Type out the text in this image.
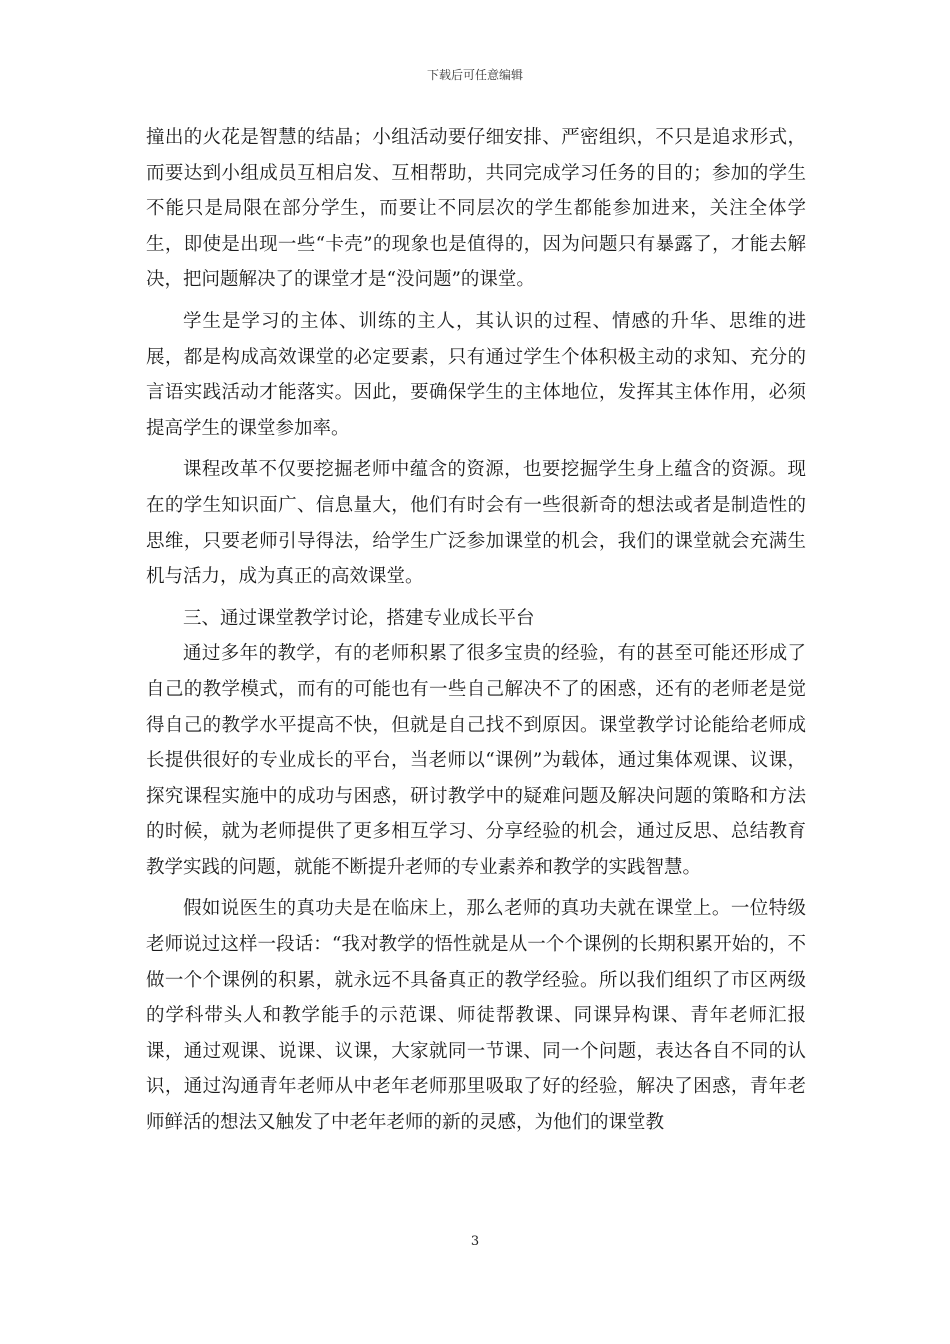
下载后可任意编辑

撞出的火花是智慧的结晶；小组活动要仔细安排、严密组织，不只是追求形式，而要达到小组成员互相启发、互相帮助，共同完成学习任务的目的；参加的学生不能只是局限在部分学生，而要让不同层次的学生都能参加进来，关注全体学生，即使是出现一些“卡壳”的现象也是值得的，因为问题只有暴露了，才能去解决，把问题解决了的课堂才是“没问题”的课堂。

学生是学习的主体、训练的主人，其认识的过程、情感的升华、思维的进展，都是构成高效课堂的必定要素，只有通过学生个体积极主动的求知、充分的言语实践活动才能落实。因此，要确保学生的主体地位，发挥其主体作用，必须提高学生的课堂参加率。

课程改革不仅要挖掘老师中蕴含的资源，也要挖掘学生身上蕴含的资源。现在的学生知识面广、信息量大，他们有时会有一些很新奇的想法或者是制造性的思维，只要老师引导得法，给学生广泛参加课堂的机会，我们的课堂就会充满生机与活力，成为真正的高效课堂。

三、通过课堂教学讨论，搭建专业成长平台

通过多年的教学，有的老师积累了很多宝贵的经验，有的甚至可能还形成了自己的教学模式，而有的可能也有一些自己解决不了的困惑，还有的老师老是觉得自己的教学水平提高不快，但就是自己找不到原因。课堂教学讨论能给老师成长提供很好的专业成长的平台，当老师以“课例”为载体，通过集体观课、议课，探究课程实施中的成功与困惑，研讨教学中的疑难问题及解决问题的策略和方法的时候，就为老师提供了更多相互学习、分享经验的机会，通过反思、总结教育教学实践的问题，就能不断提升老师的专业素养和教学的实践智慧。

假如说医生的真功夫是在临床上，那么老师的真功夫就在课堂上。一位特级老师说过这样一段话：“我对教学的悟性就是从一个个课例的长期积累开始的，不做一个个课例的积累，就永远不具备真正的教学经验。所以我们组织了市区两级的学科带头人和教学能手的示范课、师徒帮教课、同课异构课、青年老师汇报课，通过观课、说课、议课，大家就同一节课、同一个问题，表达各自不同的认识，通过沟通青年老师从中老年老师那里吸取了好的经验，解决了困惑，青年老师鲜活的想法又触发了中老年老师的新的灵感，为他们的课堂教

3
